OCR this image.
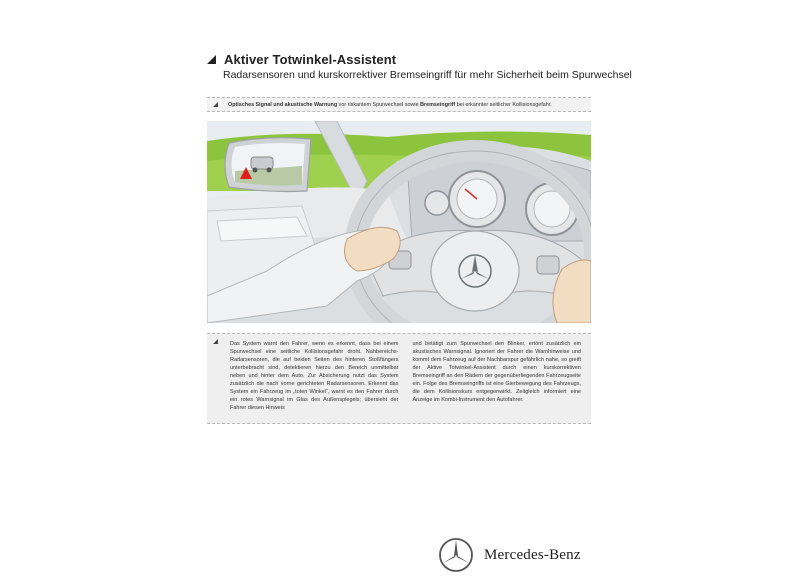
Aktiver Totwinkel-Assistent
Radarsensoren und kurskorrektiver Bremseingriff für mehr Sicherheit beim Spurwechsel
Optisches Signal und akustische Warnung vor riskantem Spurwechsel sowie Bremseingriff bei erkannter seitlicher Kollisionsgefahr.
Das System warnt den Fahrer, wenn es erkennt, dass bei einem Spurwechsel eine seitliche Kollisionsgefahr droht. Nahbereichs-Radarsensoren, die auf beiden Seiten des hinteren Stoßfängers unterbebracht sind, detektieren hierzu den Bereich unmittelbar neben und hinter dem Auto. Zur Absicherung nutzt das System zusätzlich die nach vorne gerichteten Radarsensoren. Erkennt das System ein Fahrzeug im „toten Winkel“, warnt es den Fahrer durch ein rotes Warnsignal im Glas des Außenspiegels; übersieht der Fahrer diesen Hinweis
und betätigt zum Spurwechsel den Blinker, ertönt zusätzlich ein akustisches Warnsignal. Ignoriert der Fahrer die Warnhinweise und kommt dem Fahrzeug auf der Nachbarspur gefährlich nahe, so greift der Aktive Totwinkel-Assistent durch einen kurskorrektiven Bremseingriff an den Rädern der gegenüberliegenden Fahrzeugseite ein. Folge des Bremseingriffs ist eine Gierbewegung des Fahrzeugs, die dem Kollisionskurs entgegenwirkt. Zeitgleich informiert eine Anzeige im Kombi-Instrument den Autofahrer.
Mercedes-Benz
